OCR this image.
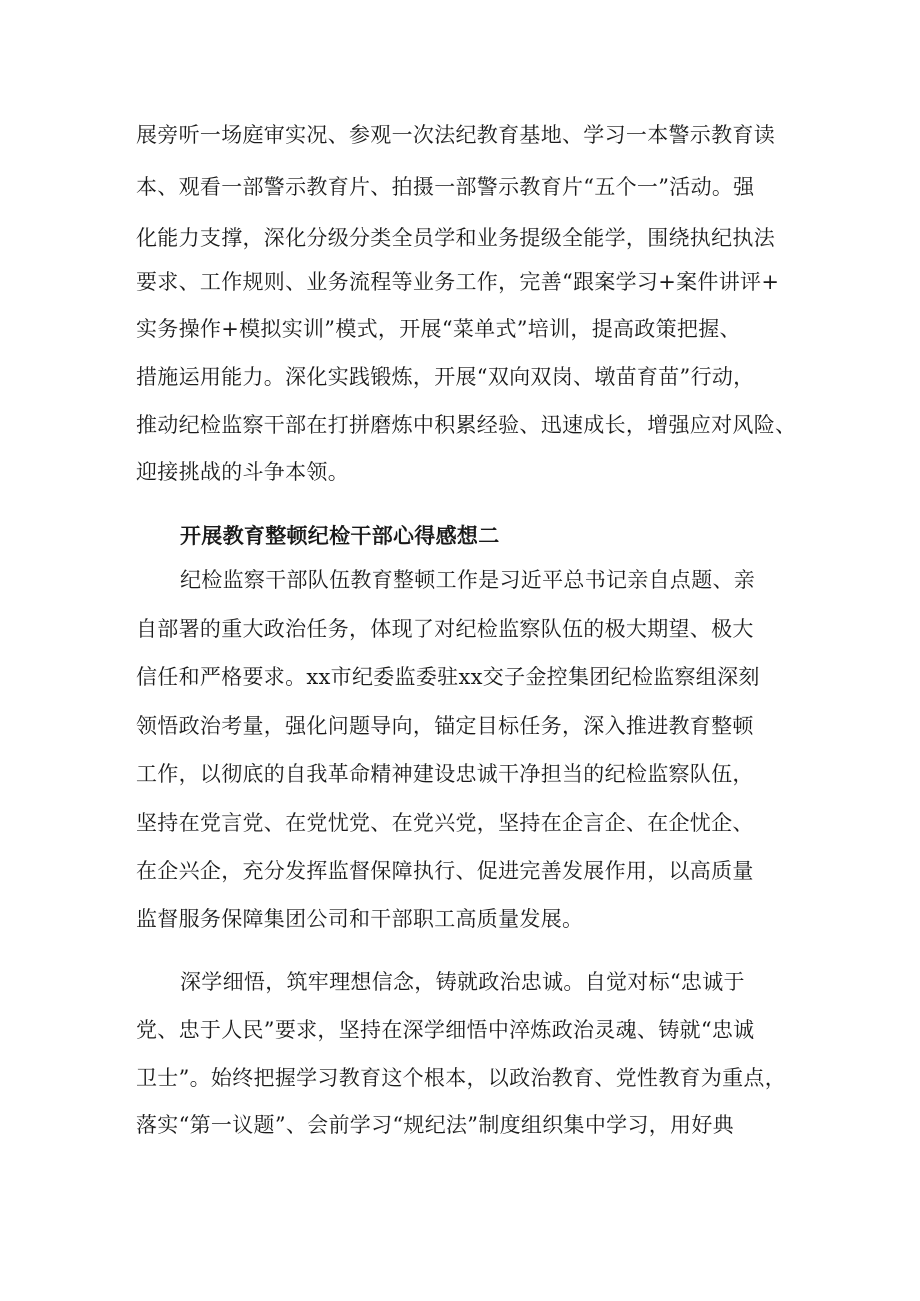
展旁听一场庭审实况、参观一次法纪教育基地、学习一本警示教育读
本、观看一部警示教育片、拍摄一部警示教育片“五个一”活动。强
化能力支撑，深化分级分类全员学和业务提级全能学，围绕执纪执法
要求、工作规则、业务流程等业务工作，完善“跟案学习+案件讲评+
实务操作+模拟实训”模式，开展“菜单式”培训，提高政策把握、
措施运用能力。深化实践锻炼，开展“双向双岗、墩苗育苗”行动，
推动纪检监察干部在打拼磨炼中积累经验、迅速成长，增强应对风险、
迎接挑战的斗争本领。
开展教育整顿纪检干部心得感想二
纪检监察干部队伍教育整顿工作是习近平总书记亲自点题、亲
自部署的重大政治任务，体现了对纪检监察队伍的极大期望、极大
信任和严格要求。xx市纪委监委驻xx交子金控集团纪检监察组深刻
领悟政治考量，强化问题导向，锚定目标任务，深入推进教育整顿
工作，以彻底的自我革命精神建设忠诚干净担当的纪检监察队伍，
坚持在党言党、在党忧党、在党兴党，坚持在企言企、在企忧企、
在企兴企，充分发挥监督保障执行、促进完善发展作用，以高质量
监督服务保障集团公司和干部职工高质量发展。
深学细悟，筑牢理想信念，铸就政治忠诚。自觉对标“忠诚于
党、忠于人民”要求，坚持在深学细悟中淬炼政治灵魂、铸就“忠诚
卫士”。始终把握学习教育这个根本，以政治教育、党性教育为重点，
落实“第一议题”、会前学习“规纪法”制度组织集中学习，用好典
